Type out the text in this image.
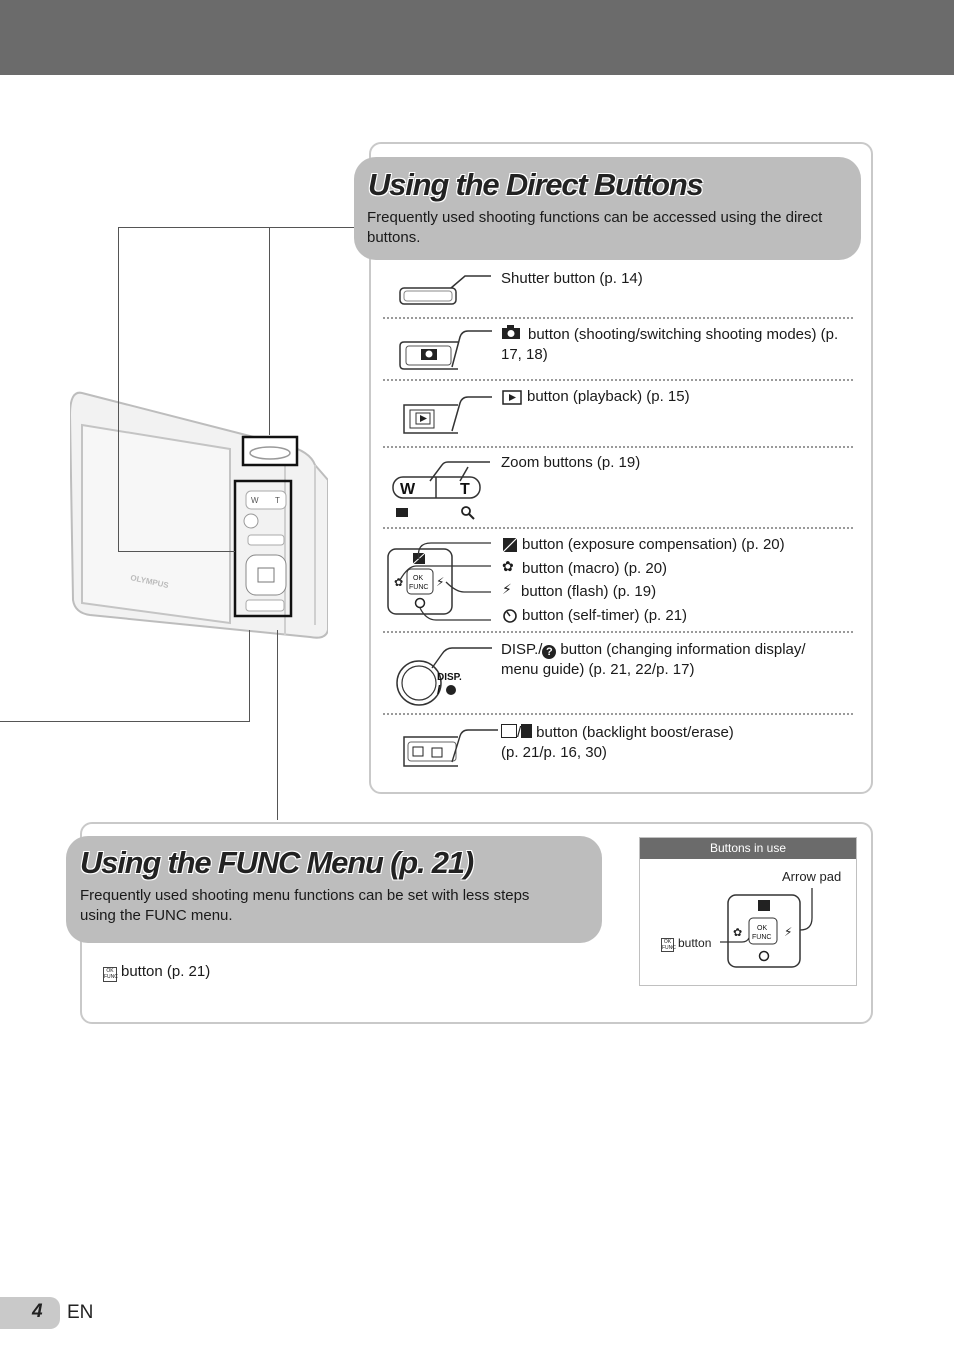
OLYMPUS
W T
Using the Direct Buttons
Frequently used shooting functions can be accessed using the direct buttons.
Shutter button (p. 14)
button (shooting/switching shooting modes) (p. 17, 18)
button (playback) (p. 15)
W	T
Zoom buttons (p. 19)
OK
FUNC
✿	⚡
button (exposure compensation) (p. 20)
✿ button (macro) (p. 20)
⚡ button (flash) (p. 19)
button (self-timer) (p. 21)
DISP.
/
DISP./ ? button (changing information display/ menu guide) (p. 21, 22/p. 17)
/ button (backlight boost/erase)
(p. 21/p. 16, 30)
Using the FUNC Menu (p. 21)
Frequently used shooting menu functions can be set with less steps using the FUNC menu.
OK
FUNC button (p. 21)
Buttons in use
Arrow pad
OK
FUNC button
OK
FUNC
✿	⚡
4 EN
